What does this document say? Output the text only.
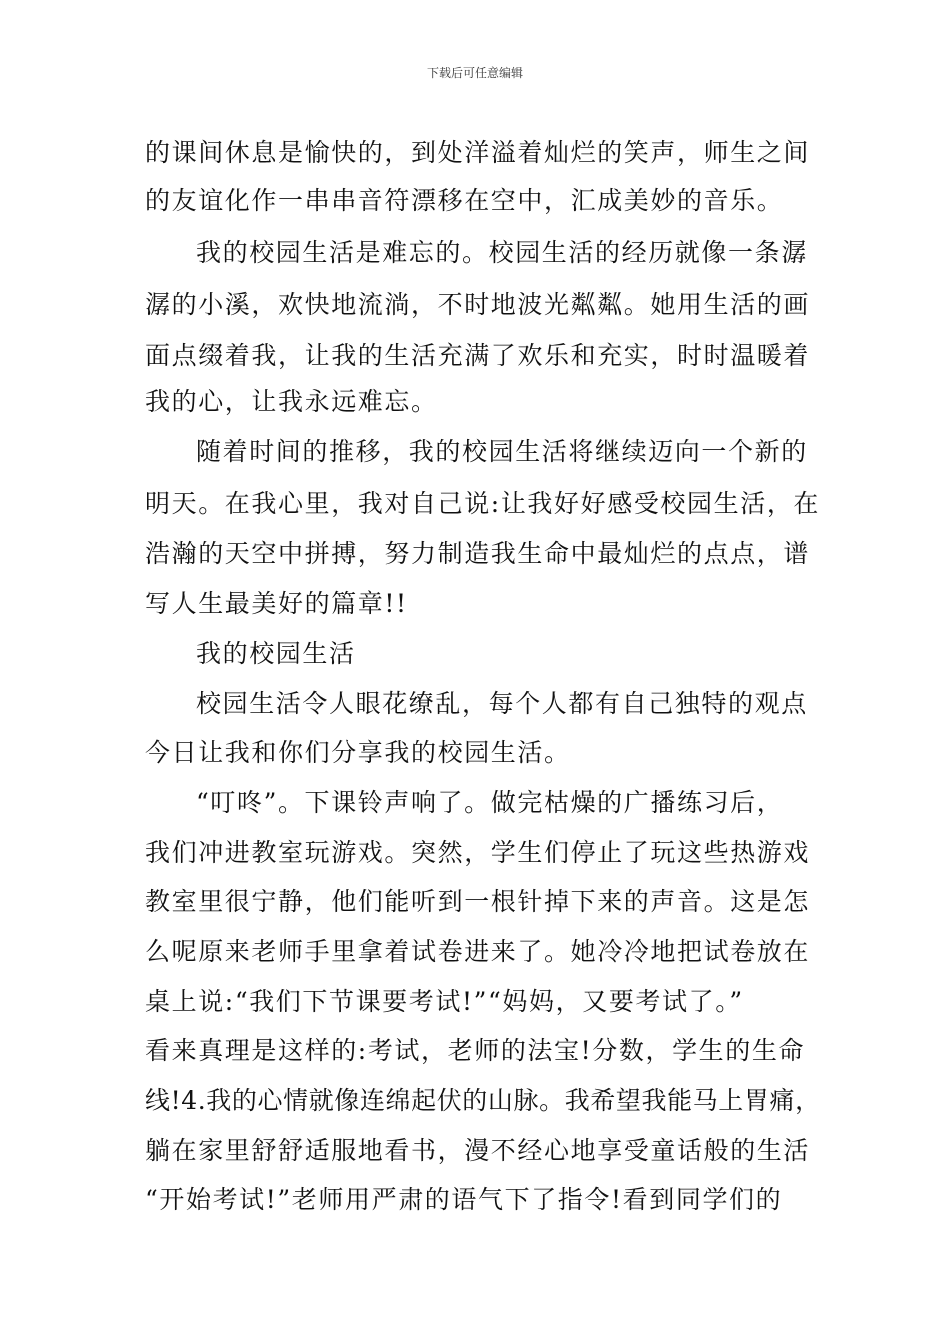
下载后可任意编辑
的课间休息是愉快的，到处洋溢着灿烂的笑声，师生之间
的友谊化作一串串音符漂移在空中，汇成美妙的音乐。
我的校园生活是难忘的。校园生活的经历就像一条潺
潺的小溪，欢快地流淌，不时地波光粼粼。她用生活的画
面点缀着我，让我的生活充满了欢乐和充实，时时温暖着
我的心，让我永远难忘。
随着时间的推移，我的校园生活将继续迈向一个新的
明天。在我心里，我对自己说:让我好好感受校园生活，在
浩瀚的天空中拼搏，努力制造我生命中最灿烂的点点，谱
写人生最美好的篇章!!
我的校园生活
校园生活令人眼花缭乱，每个人都有自己独特的观点
今日让我和你们分享我的校园生活。
“叮咚”。下课铃声响了。做完枯燥的广播练习后，
我们冲进教室玩游戏。突然，学生们停止了玩这些热游戏
教室里很宁静，他们能听到一根针掉下来的声音。这是怎
么呢原来老师手里拿着试卷进来了。她冷冷地把试卷放在
桌上说:“我们下节课要考试!”“妈妈，又要考试了。”
看来真理是这样的:考试，老师的法宝!分数，学生的生命
线!4.我的心情就像连绵起伏的山脉。我希望我能马上胃痛，
躺在家里舒舒适服地看书，漫不经心地享受童话般的生活
“开始考试!”老师用严肃的语气下了指令!看到同学们的
